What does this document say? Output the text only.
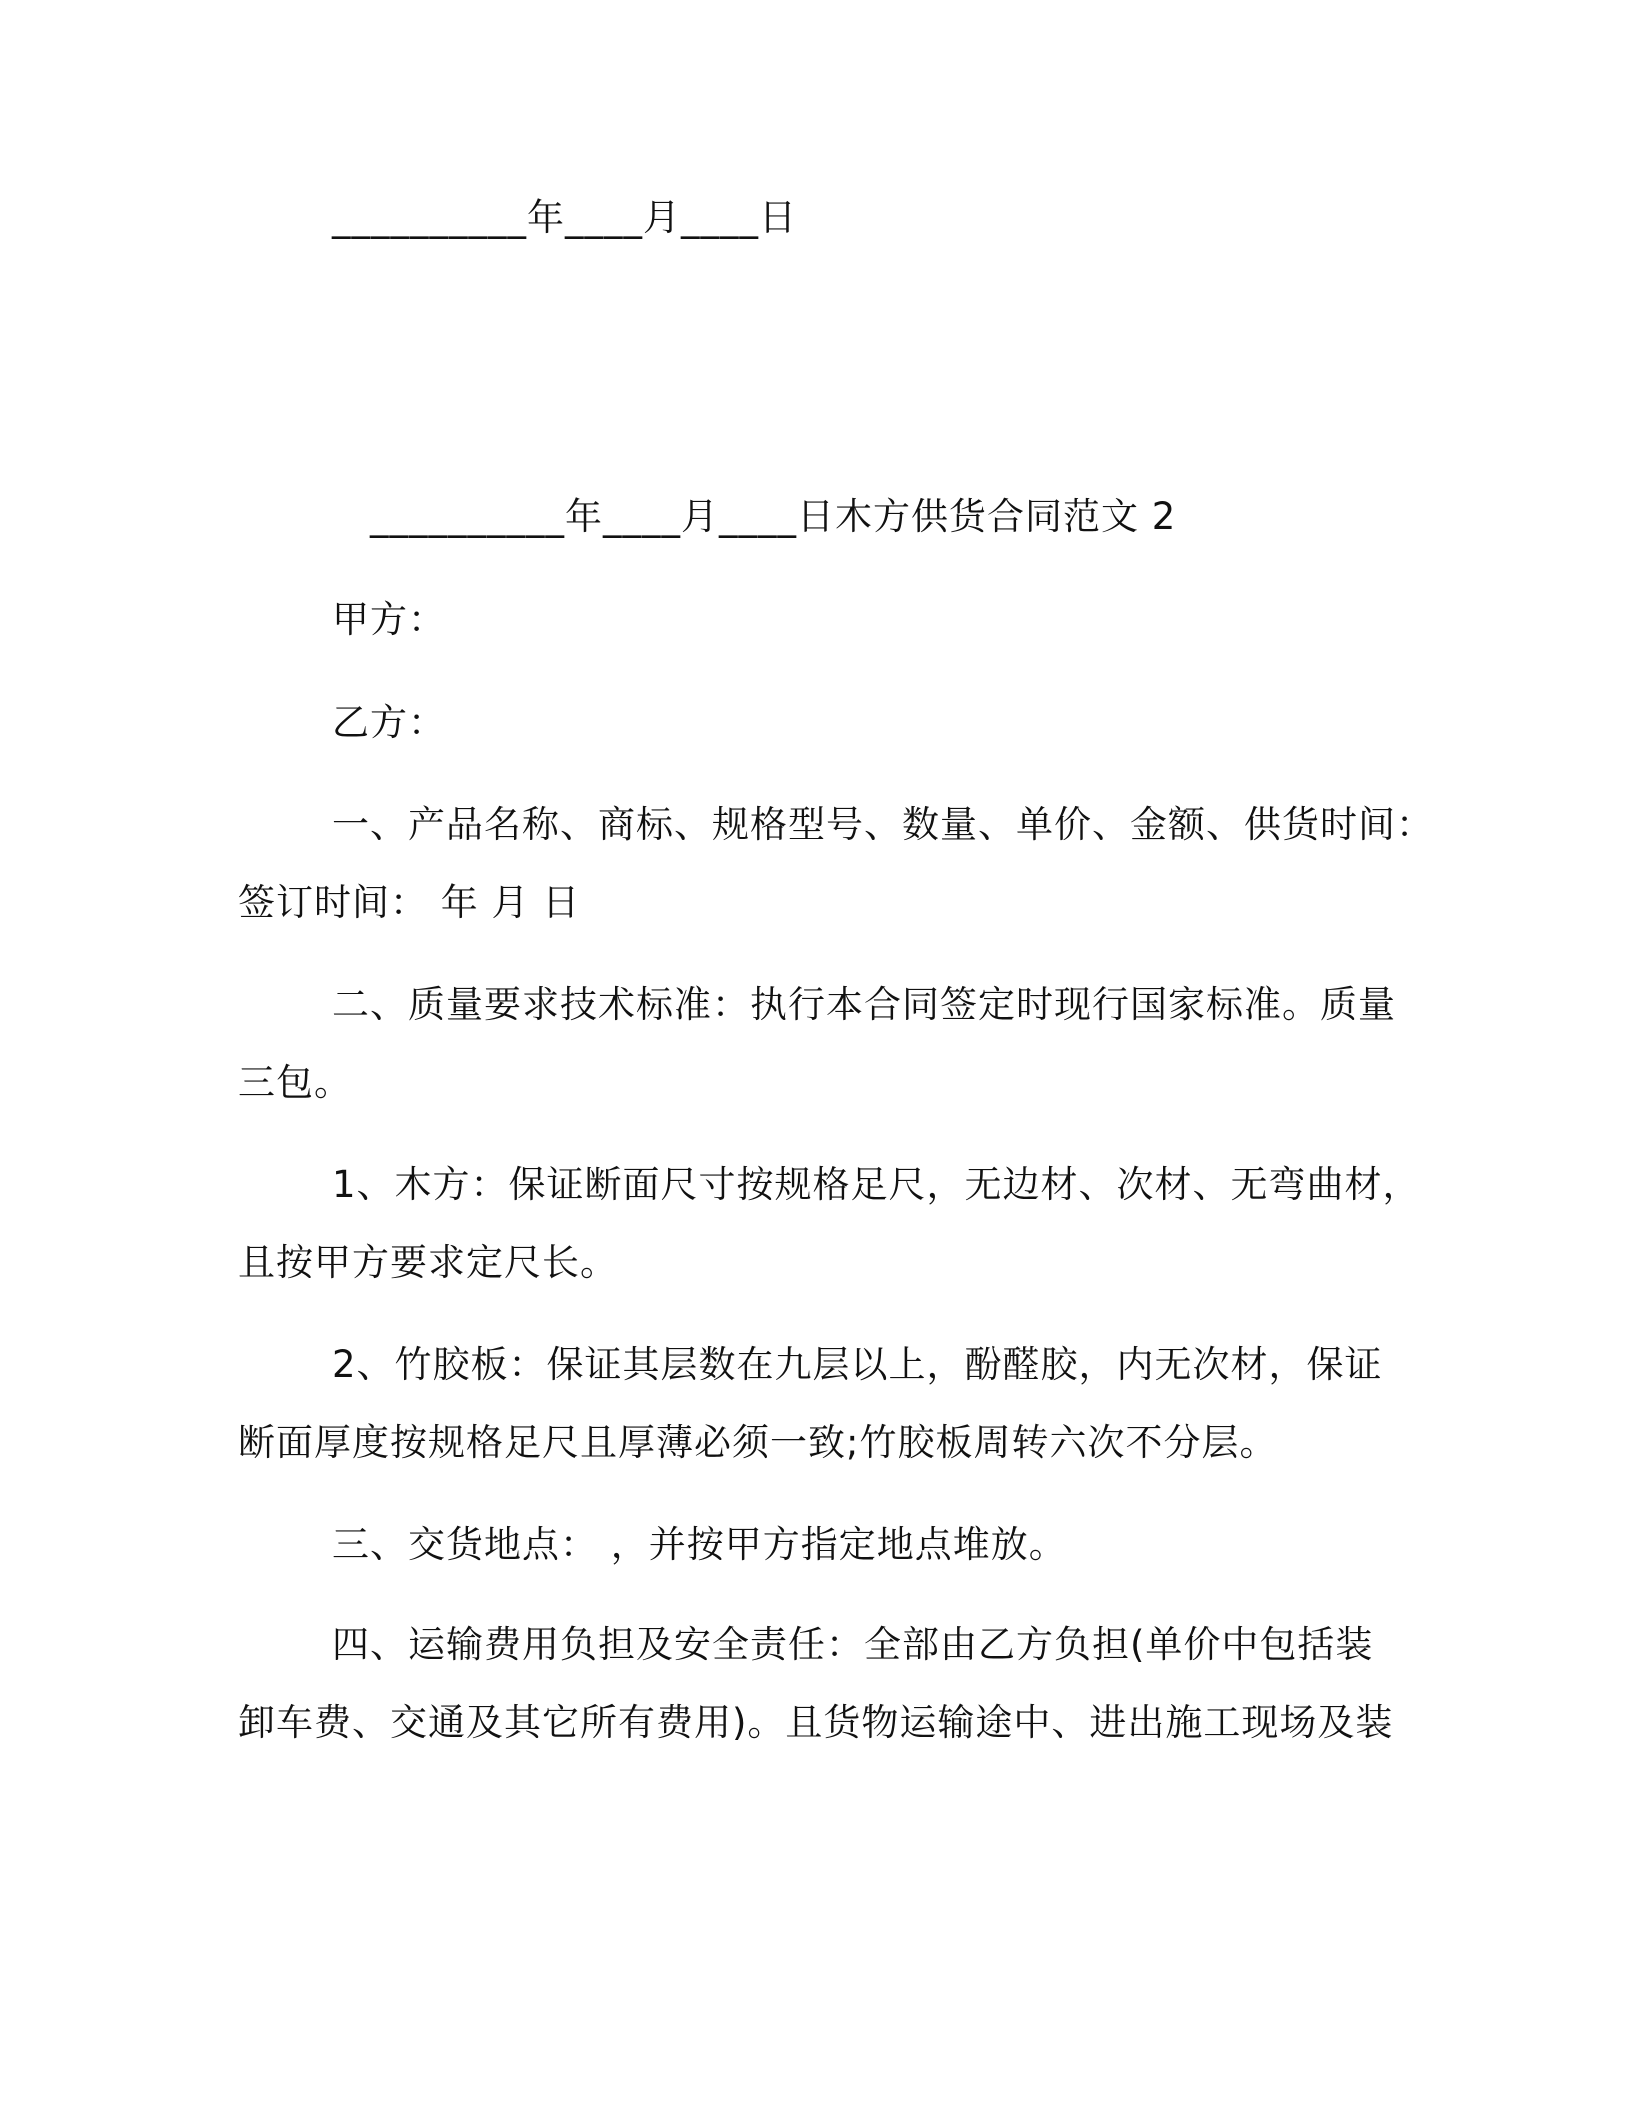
__________年____月____日
__________年____月____日木方供货合同范文 2
甲方：
乙方：
一、产品名称、商标、规格型号、数量、单价、金额、供货时间：
签订时间： 年 月 日
二、质量要求技术标准：执行本合同签定时现行国家标准。质量
三包。
1、木方：保证断面尺寸按规格足尺，无边材、次材、无弯曲材，
且按甲方要求定尺长。
2、竹胶板：保证其层数在九层以上，酚醛胶，内无次材，保证
断面厚度按规格足尺且厚薄必须一致;竹胶板周转六次不分层。
三、交货地点： ，并按甲方指定地点堆放。
四、运输费用负担及安全责任：全部由乙方负担(单价中包括装
卸车费、交通及其它所有费用)。且货物运输途中、进出施工现场及装
